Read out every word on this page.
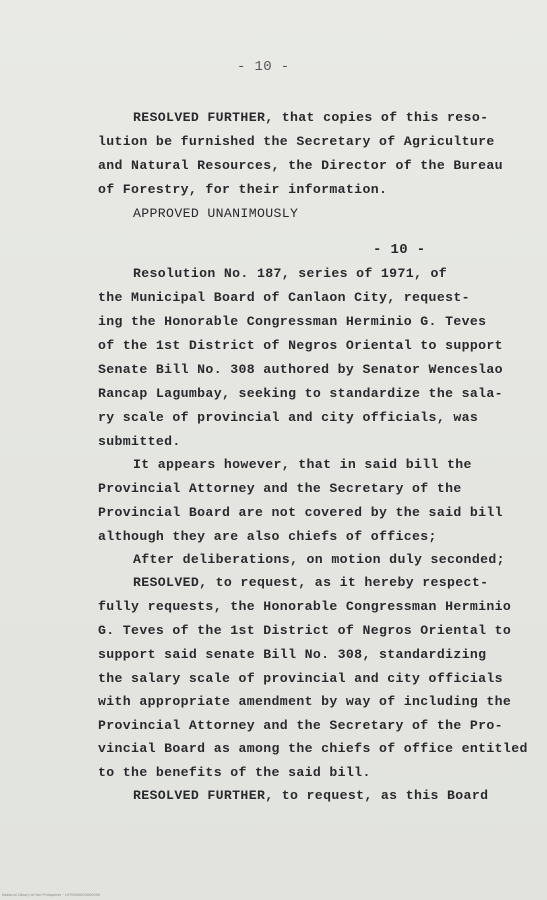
- 10 -
RESOLVED FURTHER, that copies of this reso-
lution be furnished the Secretary of Agriculture
and Natural Resources, the Director of the Bureau
of Forestry, for their information.
APPROVED UNANIMOUSLY
- 10 -
Resolution No. 187, series of 1971, of
the Municipal Board of Canlaon City, request-
ing the Honorable Congressman Herminio G. Teves
of the 1st District of Negros Oriental to support
Senate Bill No. 308 authored by Senator Wenceslao
Rancap Lagumbay, seeking to standardize the sala-
ry scale of provincial and city officials, was
submitted.
It appears however, that in said bill the
Provincial Attorney and the Secretary of the
Provincial Board are not covered by the said bill
although they are also chiefs of offices;
After deliberations, on motion duly seconded;
RESOLVED, to request, as it hereby respect-
fully requests, the Honorable Congressman Herminio
G. Teves of the 1st District of Negros Oriental to
support said senate Bill No. 308, standardizing
the salary scale of provincial and city officials
with appropriate amendment by way of including the
Provincial Attorney and the Secretary of the Pro-
vincial Board as among the chiefs of office entitled
to the benefits of the said bill.
RESOLVED FURTHER, to request, as this Board
National Library of the Philippines · 1970000000000000
